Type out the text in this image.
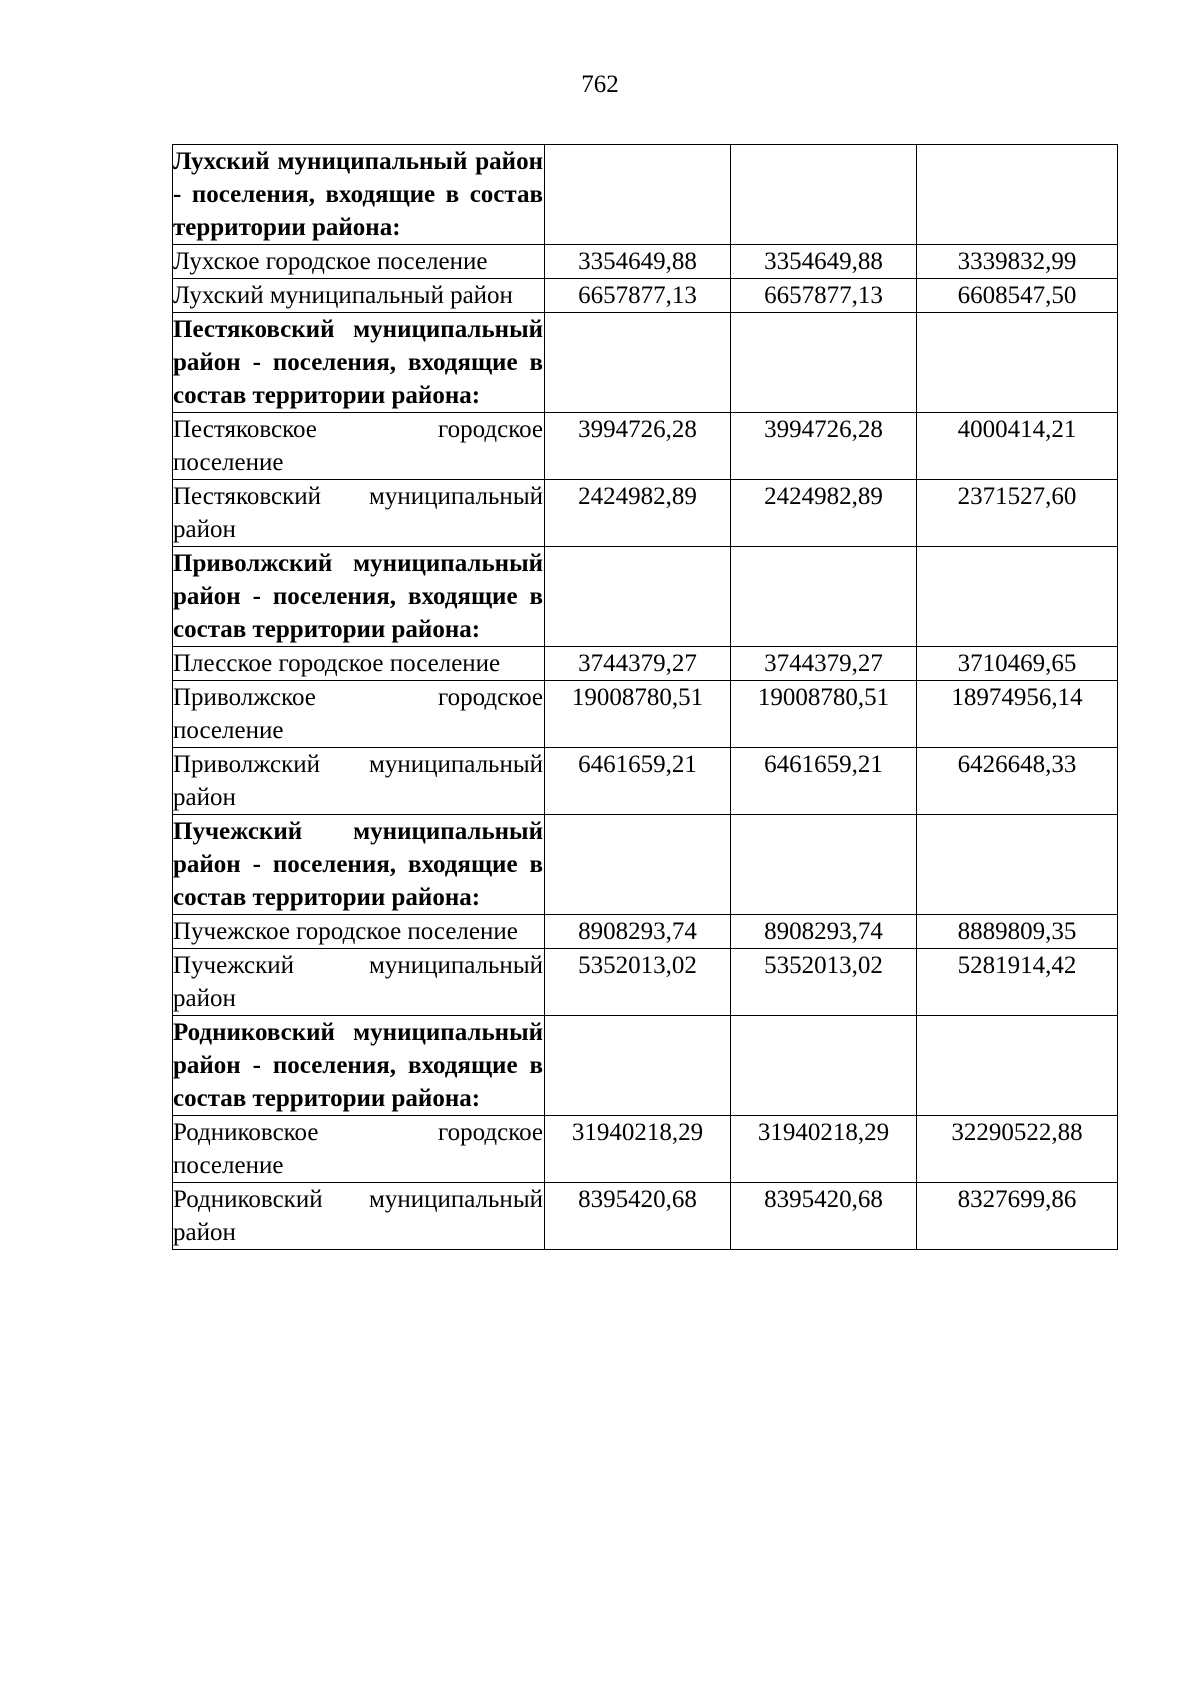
762
Лухский муниципальный район - поселения, входящие в состав территории района:			
Лухское городское поселение	3354649,88	3354649,88	3339832,99
Лухский муниципальный район	6657877,13	6657877,13	6608547,50
Пестяковский муниципальный район - поселения, входящие в состав территории района:			
Пестяковское городское поселение	3994726,28	3994726,28	4000414,21
Пестяковский муниципальный район	2424982,89	2424982,89	2371527,60
Приволжский муниципальный район - поселения, входящие в состав территории района:			
Плесское городское поселение	3744379,27	3744379,27	3710469,65
Приволжское городское поселение	19008780,51	19008780,51	18974956,14
Приволжский муниципальный район	6461659,21	6461659,21	6426648,33
Пучежский муниципальный район - поселения, входящие в состав территории района:			
Пучежское городское поселение	8908293,74	8908293,74	8889809,35
Пучежский муниципальный район	5352013,02	5352013,02	5281914,42
Родниковский муниципальный район - поселения, входящие в состав территории района:			
Родниковское городское поселение	31940218,29	31940218,29	32290522,88
Родниковский муниципальный район	8395420,68	8395420,68	8327699,86
